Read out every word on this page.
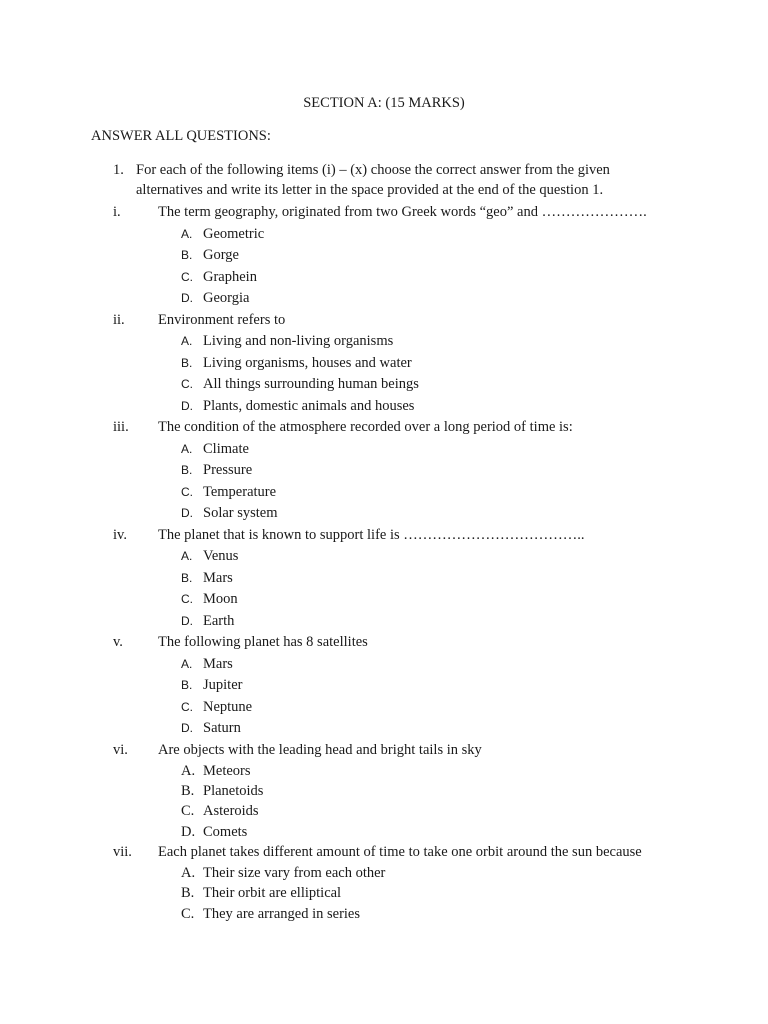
SECTION A: (15 MARKS)
ANSWER ALL QUESTIONS:
1. For each of the following items (i) – (x) choose the correct answer from the given alternatives and write its letter in the space provided at the end of the question 1.
i.	The term geography, originated from two Greek words “geo” and ………………….
A. Geometric
B. Gorge
C. Graphein
D. Georgia
ii. Environment refers to
A. Living and non-living organisms
B. Living organisms, houses and water
C. All things surrounding human beings
D. Plants, domestic animals and houses
iii. The condition of the atmosphere recorded over a long period of time is:
A. Climate
B. Pressure
C. Temperature
D. Solar system
iv. The planet that is known to support life is ………………………………..
A. Venus
B. Mars
C. Moon
D. Earth
v. The following planet has 8 satellites
A. Mars
B. Jupiter
C. Neptune
D. Saturn
vi. Are objects with the leading head and bright tails in sky
A. Meteors
B. Planetoids
C. Asteroids
D. Comets
vii. Each planet takes different amount of time to take one orbit around the sun because
A. Their size vary from each other
B. Their orbit are elliptical
C. They are arranged in series
